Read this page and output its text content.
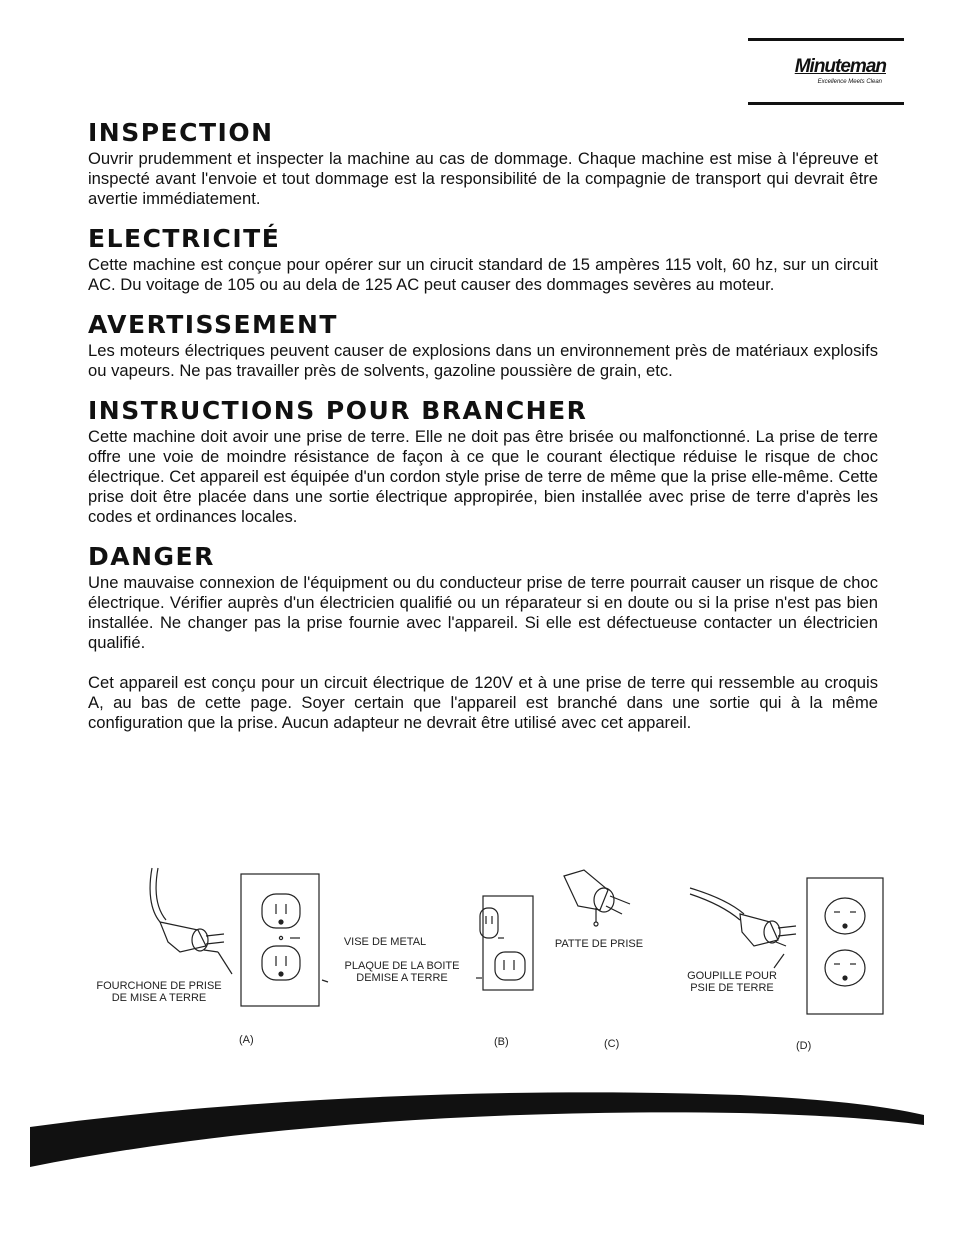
Minuteman
Excellence Meets Clean
INSPECTION

Ouvrir prudemment et inspecter la machine au cas de dommage. Chaque machine est mise à l'épreuve et inspecté avant l'envoie et tout dommage est la responsibilité de la compagnie de transport qui devrait être avertie immédiatement.

ELECTRICITÉ

Cette machine est conçue pour opérer sur un cirucit standard de 15 ampères 115 volt, 60 hz, sur un circuit AC. Du voitage de 105 ou au dela de 125 AC peut causer des dommages sevères au moteur.

AVERTISSEMENT

Les moteurs électriques peuvent causer de explosions dans un environnement près de matériaux explosifs ou vapeurs. Ne pas travailler près de solvents, gazoline poussière de grain, etc.

INSTRUCTIONS POUR BRANCHER

Cette machine doit avoir une prise de terre. Elle ne doit pas être brisée ou malfonctionné. La prise de terre offre une voie de moindre résistance de façon à ce que le courant électique réduise le risque de choc électrique. Cet appareil est équipée d'un cordon style prise de terre de même que la prise elle-même. Cette prise doit être placée dans une sortie électrique appropirée, bien installée avec prise de terre d'après les codes et ordinances locales.

DANGER

Une mauvaise connexion de l'équipment ou du conducteur prise de terre pourrait causer un risque de choc électrique. Vérifier auprès d'un électricien qualifié ou un réparateur si en doute ou si la prise n'est pas bien installée. Ne changer pas la prise fournie avec l'appareil. Si elle est défectueuse contacter un électricien qualifié.

Cet appareil est conçu pour un circuit électrique de 120V et à une prise de terre qui ressemble au croquis A, au bas de cette page. Soyer certain que l'appareil est branché dans une sortie qui à la même configuration que la prise. Aucun adapteur ne devrait être utilisé avec cet appareil.

FOURCHONE DE PRISE
DE MISE A TERRE
VISE DE METAL
PLAQUE DE LA BOITE
DEMISE A TERRE
PATTE DE PRISE
GOUPILLE POUR
PSIE DE TERRE
(A)	(B)	(C)	(D)
